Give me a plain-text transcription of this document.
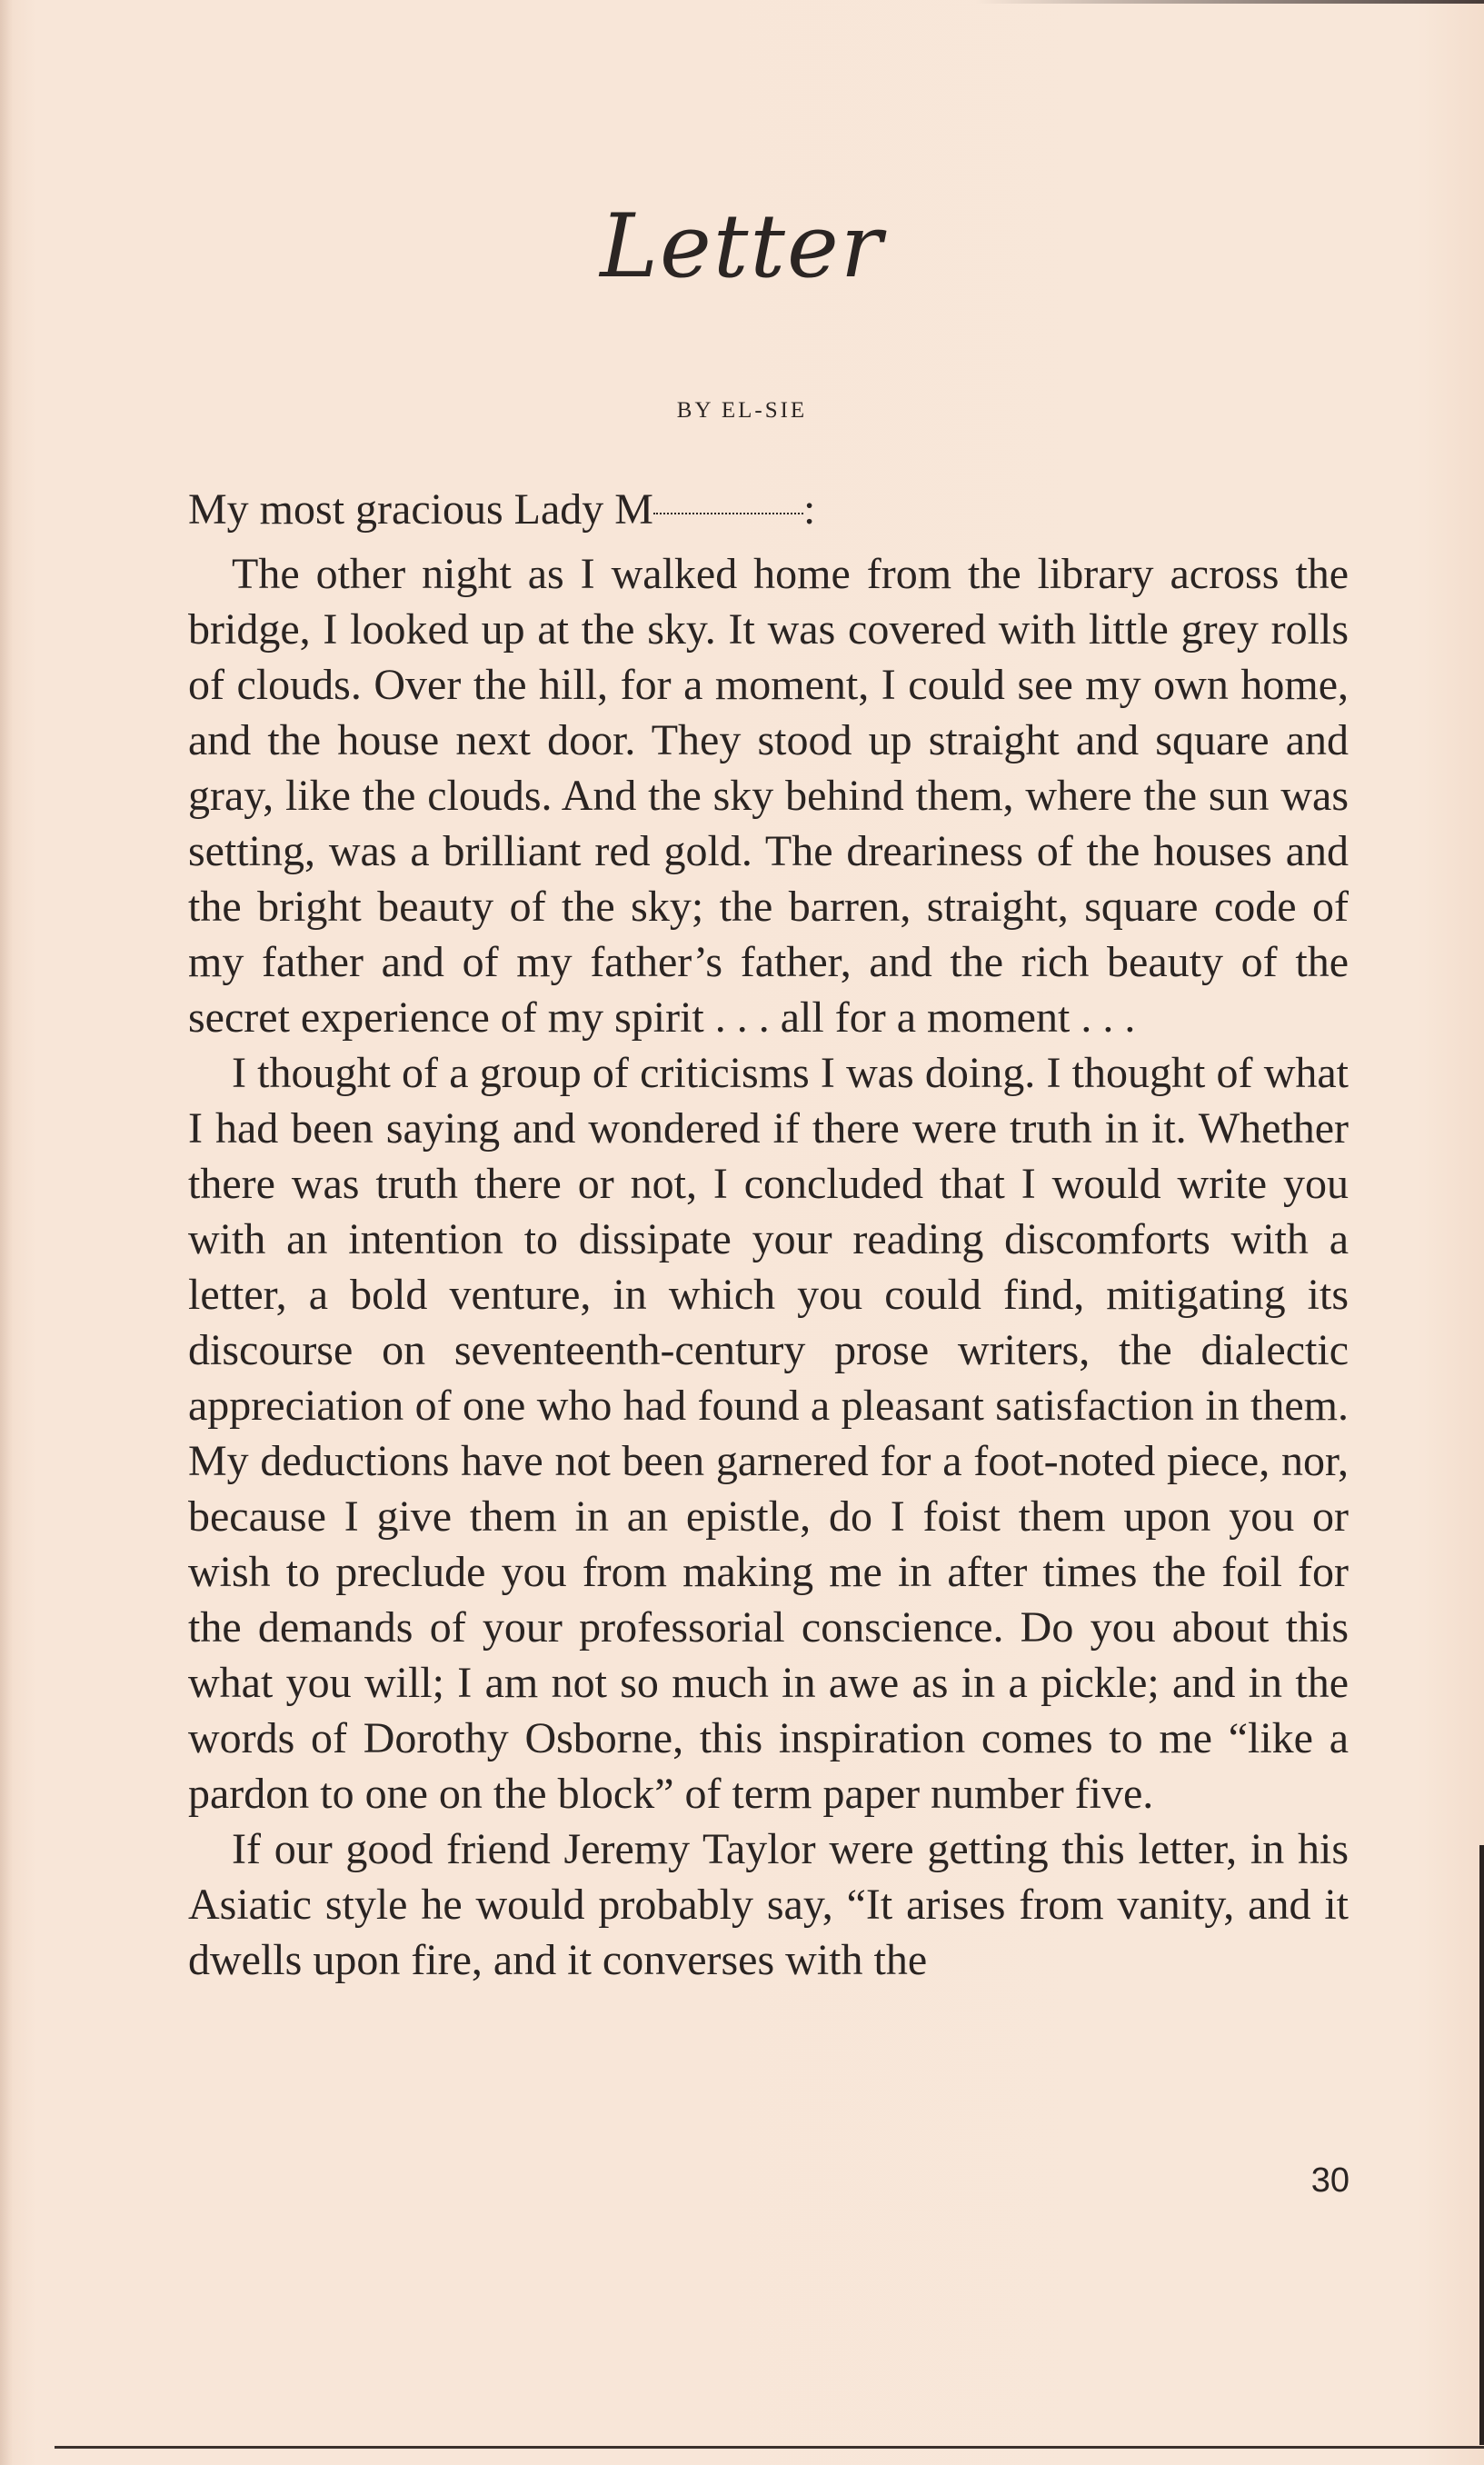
Letter
BY EL-SIE

My most gracious Lady M	:

The other night as I walked home from the library across the bridge, I looked up at the sky. It was covered with little grey rolls of clouds. Over the hill, for a moment, I could see my own home, and the house next door. They stood up straight and square and gray, like the clouds. And the sky behind them, where the sun was setting, was a brilliant red gold. The dreariness of the houses and the bright beauty of the sky; the barren, straight, square code of my father and of my father’s father, and the rich beauty of the secret experience of my spirit . . . all for a moment . . .

I thought of a group of criticisms I was doing. I thought of what I had been saying and wondered if there were truth in it. Whether there was truth there or not, I concluded that I would write you with an intention to dissipate your reading discomforts with a letter, a bold venture, in which you could find, mitigating its discourse on seventeenth-century prose writers, the dialectic appreciation of one who had found a pleasant satisfaction in them. My deductions have not been garnered for a foot-noted piece, nor, because I give them in an epistle, do I foist them upon you or wish to preclude you from making me in after times the foil for the demands of your professorial conscience. Do you about this what you will; I am not so much in awe as in a pickle; and in the words of Dorothy Osborne, this inspiration comes to me “like a pardon to one on the block” of term paper number five.

If our good friend Jeremy Taylor were getting this letter, in his Asiatic style he would probably say, “It arises from vanity, and it dwells upon fire, and it converses with the

30
